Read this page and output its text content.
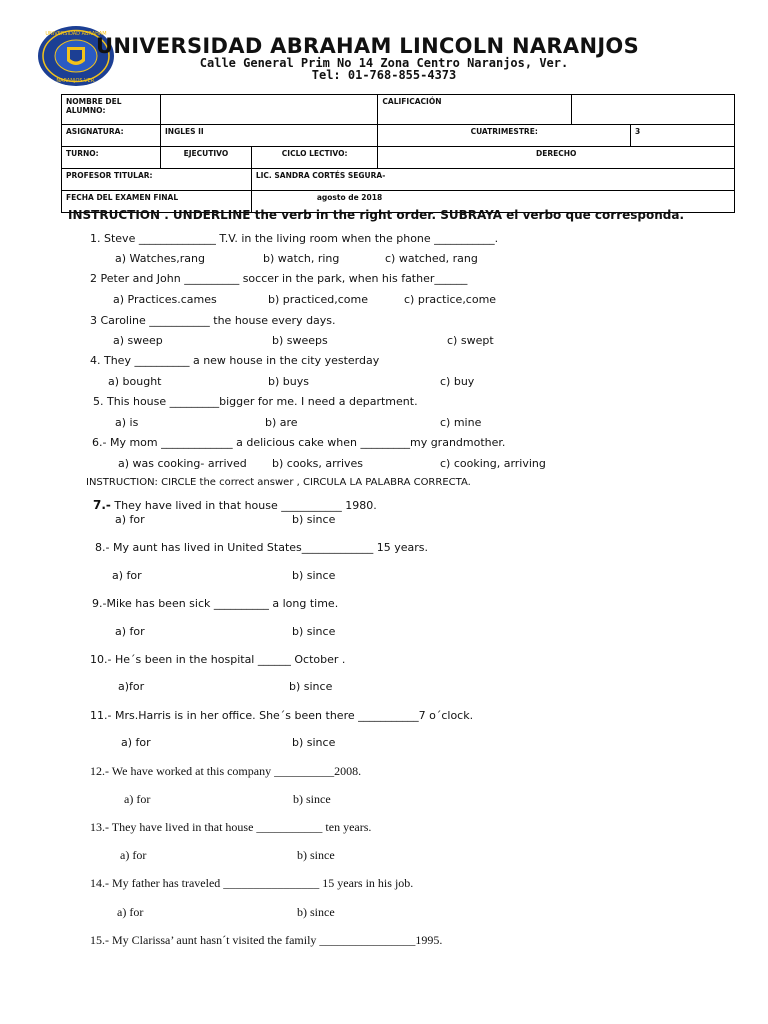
UNIVERSIDAD ABRAHAM
NARANJOS VER.
UNIVERSIDAD ABRAHAM LINCOLN NARANJOS
Calle General Prim No 14 Zona Centro Naranjos, Ver.
Tel: 01-768-855-4373
NOMBRE DEL ALUMNO:			CALIFICACIÓN		
ASIGNATURA:	INGLES II		CUATRIMESTRE:		3
TURNO:	EJECUTIVO	CICLO LECTIVO:	DERECHO		
PROFESOR TITULAR:		LIC. SANDRA CORTÉS SEGURA-			
FECHA DEL EXAMEN FINAL		agosto de 2018			
INSTRUCTION . UNDERLINE the verb in the right order. SUBRAYA el verbo que corresponda.
1. Steve ______________ T.V. in the living room when the phone ___________.
a) Watches,rang	b) watch, ring	c) watched, rang
2 Peter and John __________ soccer in the park, when his father______
a) Practices.cames	b) practiced,come	c) practice,come
3 Caroline ___________ the house every days.
a) sweep	b) sweeps	c) swept
4. They __________ a new house in the city yesterday
a) bought	b) buys	c) buy
5. This house _________bigger for me. I need a department.
a) is	b) are	c) mine
6.- My mom _____________ a delicious cake when _________my grandmother.
a) was cooking- arrived b) cooks, arrives	c) cooking, arriving
INSTRUCTION: CIRCLE the correct answer , CIRCULA LA PALABRA CORRECTA.
7.- They have lived in that house ___________ 1980.
a) for	b) since
8.- My aunt has lived in United States_____________ 15 years.
a) for	b) since
9.-Mike has been sick __________ a long time.
a) for	b) since
10.- He´s been in the hospital ______ October .
a)for	b) since
11.- Mrs.Harris is in her office. She´s been there ___________7 o´clock.
a) for	b) since
12.- We have worked at this company __________2008.
a) for	b) since
13.- They have lived in that house ___________ ten years.
a) for	b) since
14.- My father has traveled ________________ 15 years in his job.
a) for	b) since
15.- My Clarissa’ aunt hasn´t visited the family ________________1995.
